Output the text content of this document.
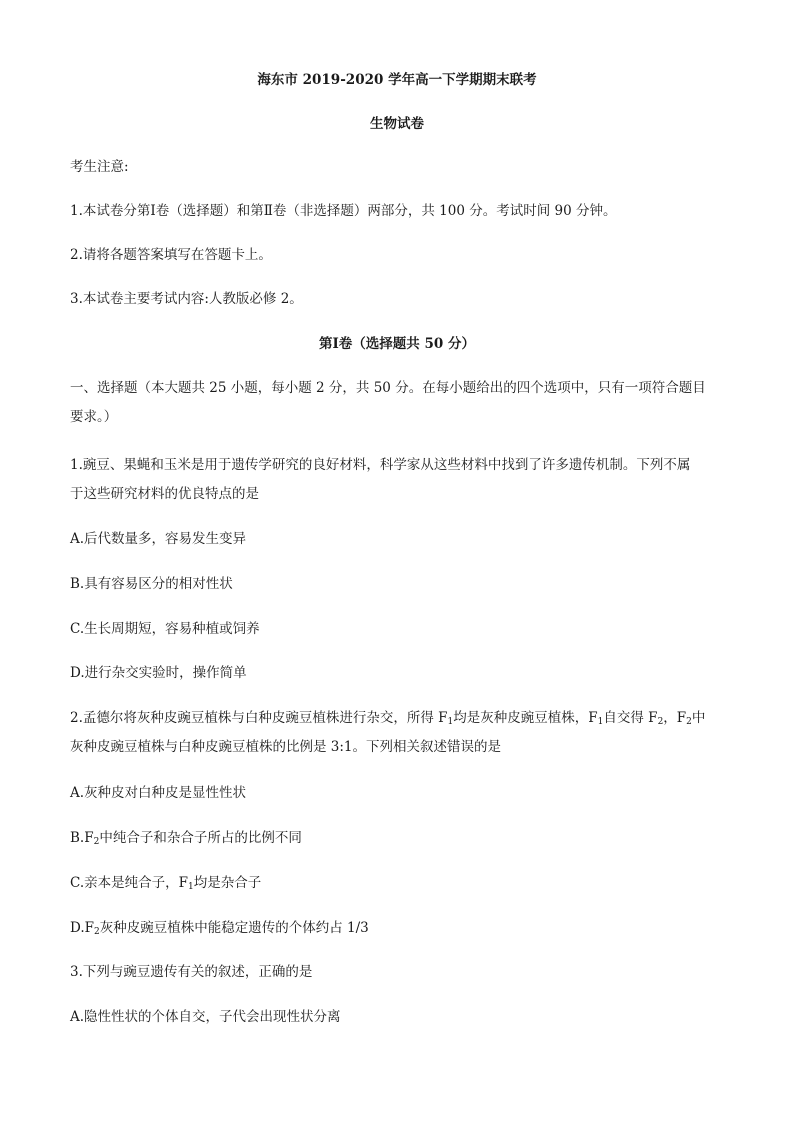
海东市 2019-2020 学年高一下学期期末联考
生物试卷
考生注意:
1.本试卷分第Ⅰ卷（选择题）和第Ⅱ卷（非选择题）两部分，共 100 分。考试时间 90 分钟。
2.请将各题答案填写在答题卡上。
3.本试卷主要考试内容:人教版必修 2。
第Ⅰ卷（选择题共 50 分）
一、选择题（本大题共 25 小题，每小题 2 分，共 50 分。在每小题给出的四个选项中，只有一项符合题目
要求。）
1.豌豆、果蝇和玉米是用于遗传学研究的良好材料，科学家从这些材料中找到了许多遗传机制。下列不属
于这些研究材料的优良特点的是
A.后代数量多，容易发生变异
B.具有容易区分的相对性状
C.生长周期短，容易种植或饲养
D.进行杂交实验时，操作简单
2.孟德尔将灰种皮豌豆植株与白种皮豌豆植株进行杂交，所得 $F_1$均是灰种皮豌豆植株，$F_1$自交得 $F_2$，$F_2$中
灰种皮豌豆植株与白种皮豌豆植株的比例是 3:1。下列相关叙述错误的是
A.灰种皮对白种皮是显性性状
$B.F_2$中纯合子和杂合子所占的比例不同
C.亲本是纯合子，$F_1$均是杂合子
$D.F_2$灰种皮豌豆植株中能稳定遗传的个体约占 1/3
3.下列与豌豆遗传有关的叙述，正确的是
A.隐性性状的个体自交，子代会出现性状分离
